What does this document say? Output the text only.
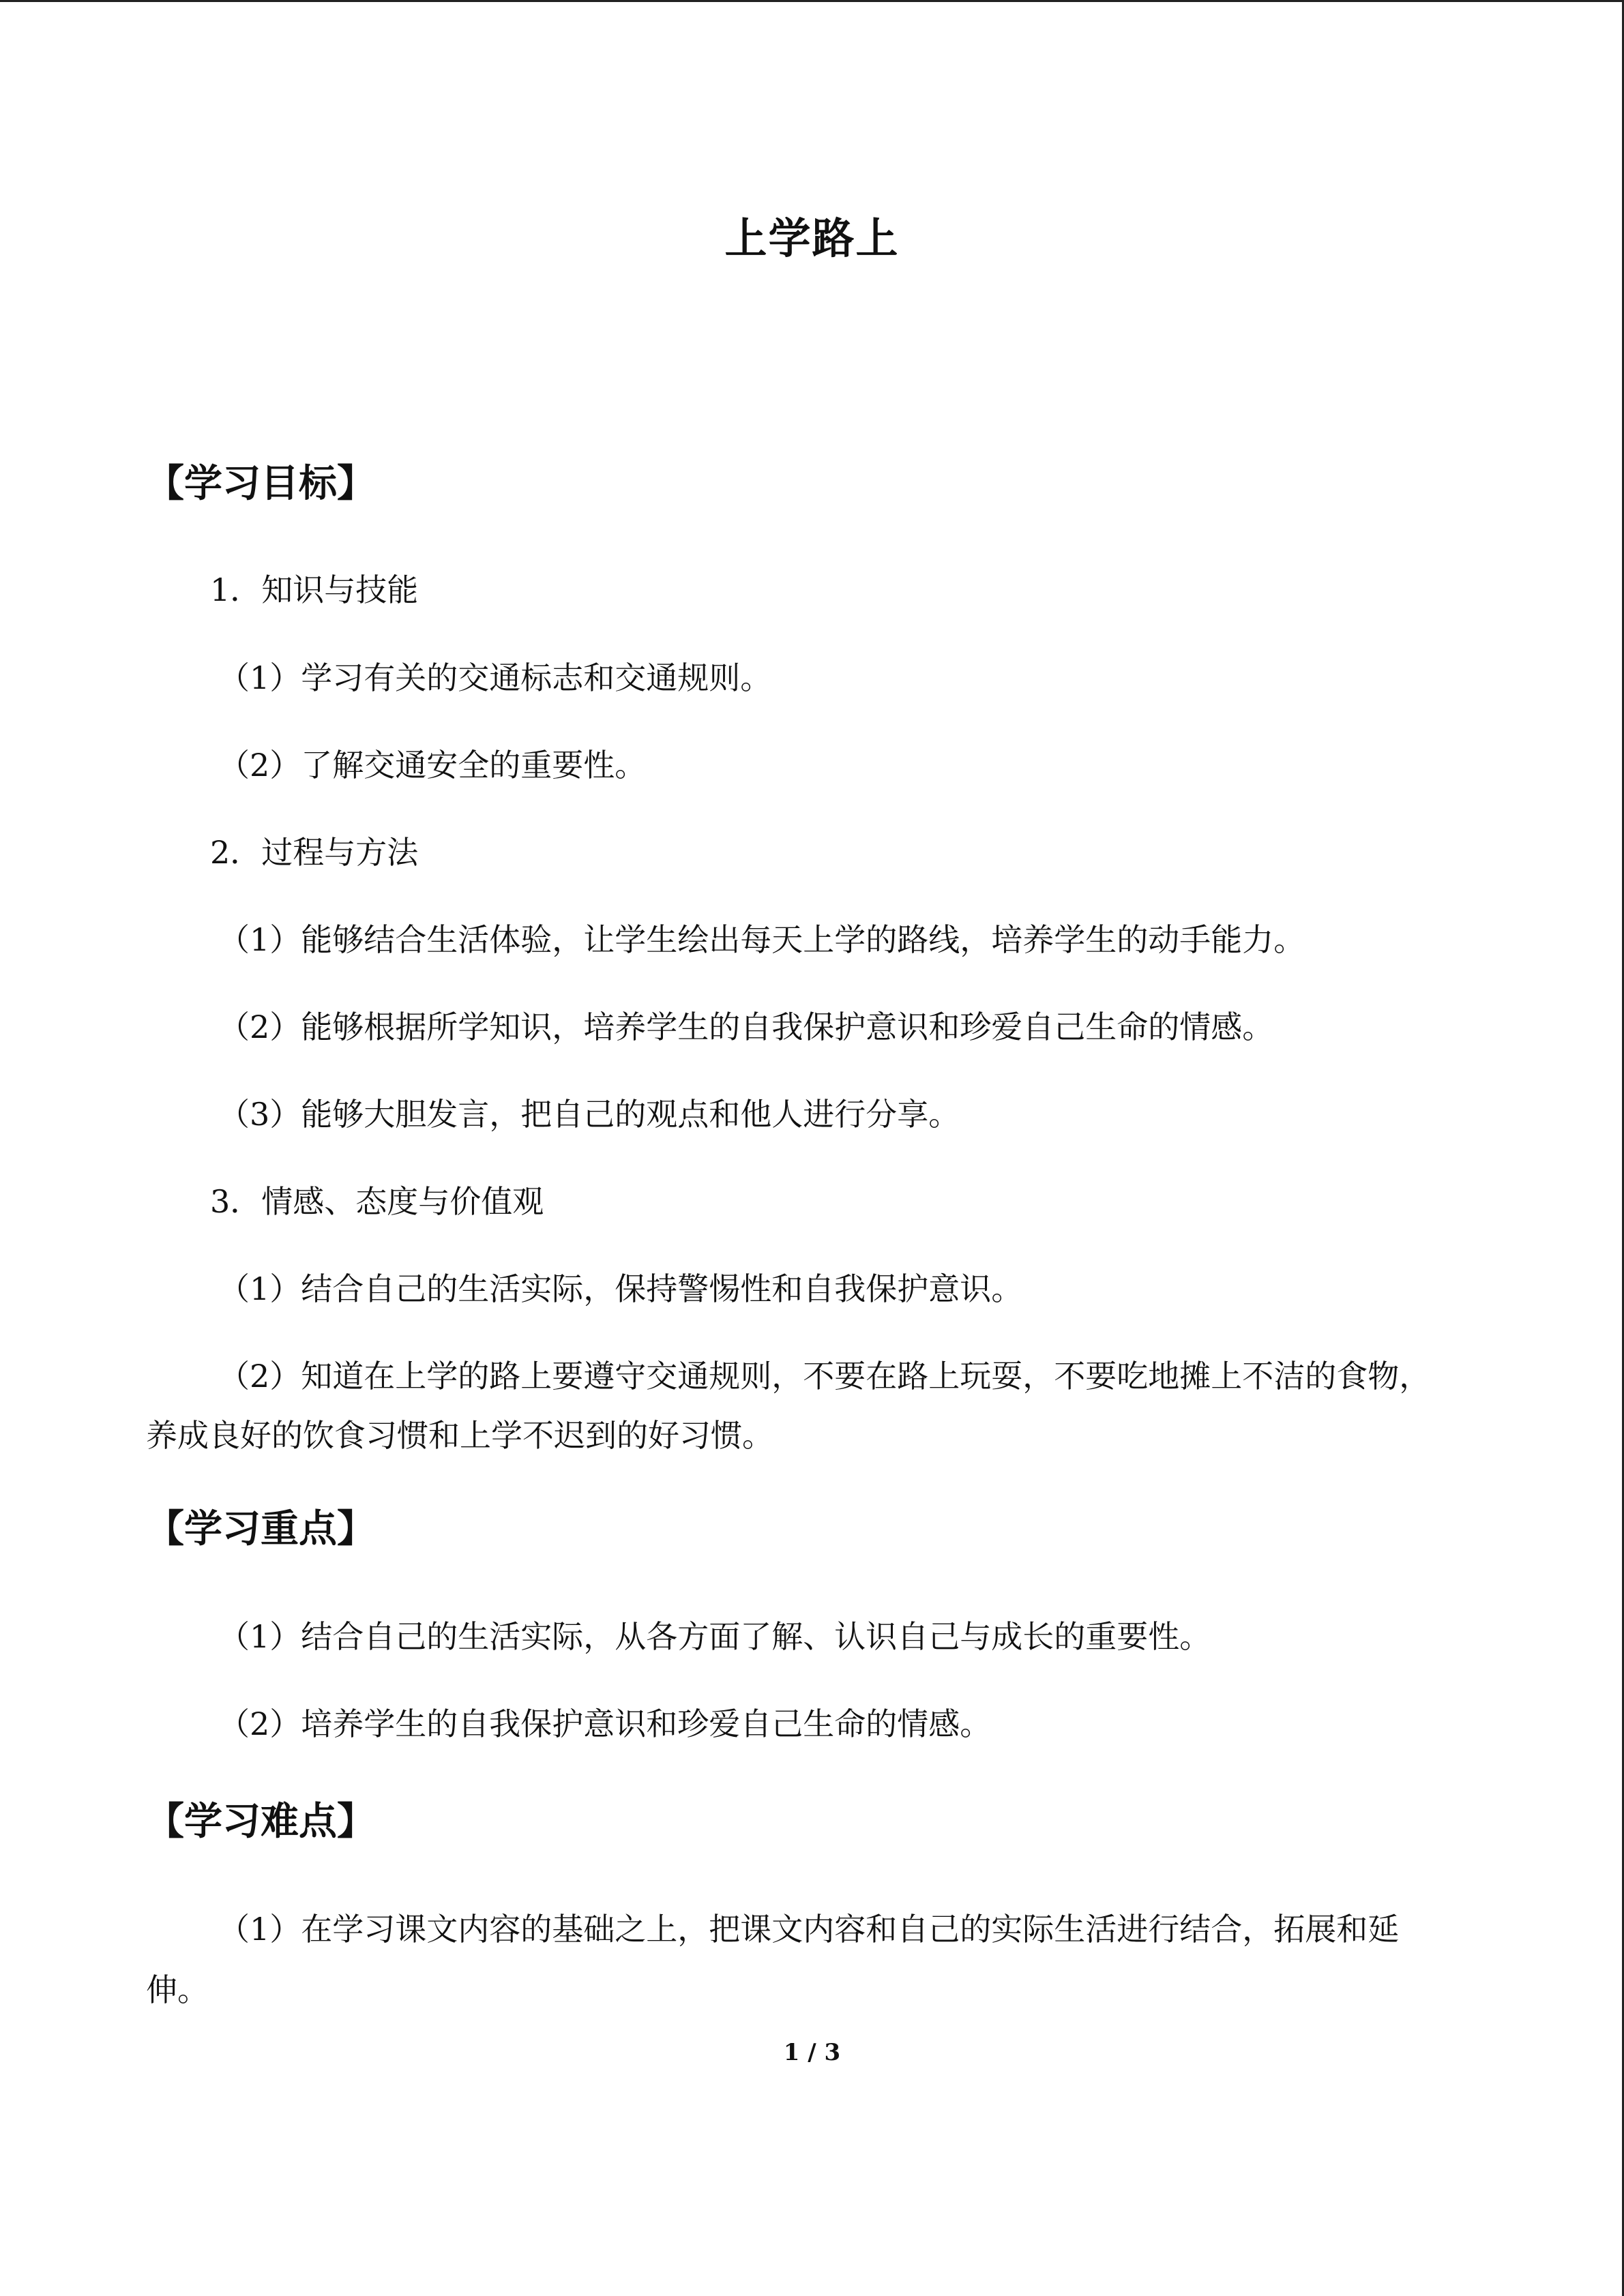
上学路上
【学习目标】
1．知识与技能
（1）学习有关的交通标志和交通规则。
（2）了解交通安全的重要性。
2．过程与方法
（1）能够结合生活体验，让学生绘出每天上学的路线，培养学生的动手能力。
（2）能够根据所学知识，培养学生的自我保护意识和珍爱自己生命的情感。
（3）能够大胆发言，把自己的观点和他人进行分享。
3．情感、态度与价值观
（1）结合自己的生活实际，保持警惕性和自我保护意识。
（2）知道在上学的路上要遵守交通规则，不要在路上玩耍，不要吃地摊上不洁的食物，
养成良好的饮食习惯和上学不迟到的好习惯。
【学习重点】
（1）结合自己的生活实际，从各方面了解、认识自己与成长的重要性。
（2）培养学生的自我保护意识和珍爱自己生命的情感。
【学习难点】
（1）在学习课文内容的基础之上，把课文内容和自己的实际生活进行结合，拓展和延
伸。
1 / 3
